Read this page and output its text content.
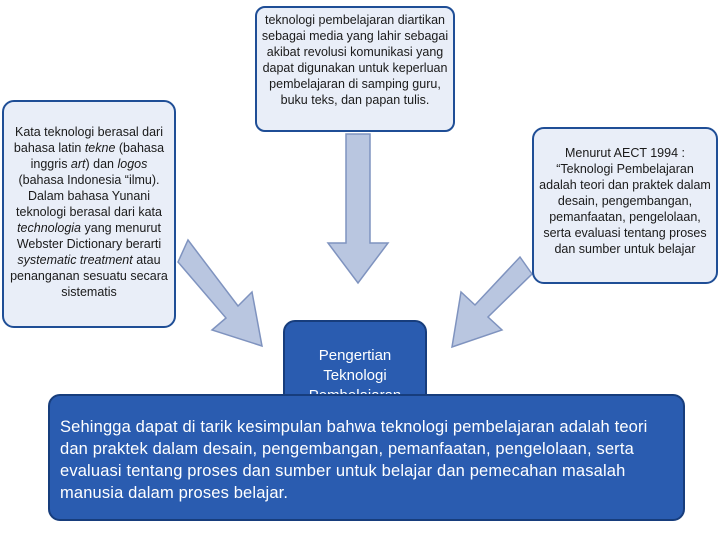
Kata teknologi berasal dari bahasa latin tekne (bahasa inggris art) dan logos (bahasa Indonesia “ilmu). Dalam bahasa Yunani teknologi berasal dari kata technologia yang menurut Webster Dictionary berarti systematic treatment atau penanganan sesuatu secara sistematis
teknologi pembelajaran diartikan sebagai media yang lahir sebagai akibat revolusi komunikasi yang dapat digunakan untuk keperluan pembelajaran di samping guru, buku teks, dan papan tulis.
Menurut AECT 1994 : “Teknologi Pembelajaran adalah teori dan praktek dalam desain, pengembangan, pemanfaatan, pengelolaan, serta evaluasi tentang proses dan sumber untuk belajar
Pengertian Teknologi
Sehingga dapat di tarik kesimpulan bahwa teknologi pembelajaran adalah teori dan praktek dalam desain, pengembangan, pemanfaatan, pengelolaan, serta evaluasi tentang proses dan sumber untuk belajar dan pemecahan masalah manusia dalam proses belajar.
